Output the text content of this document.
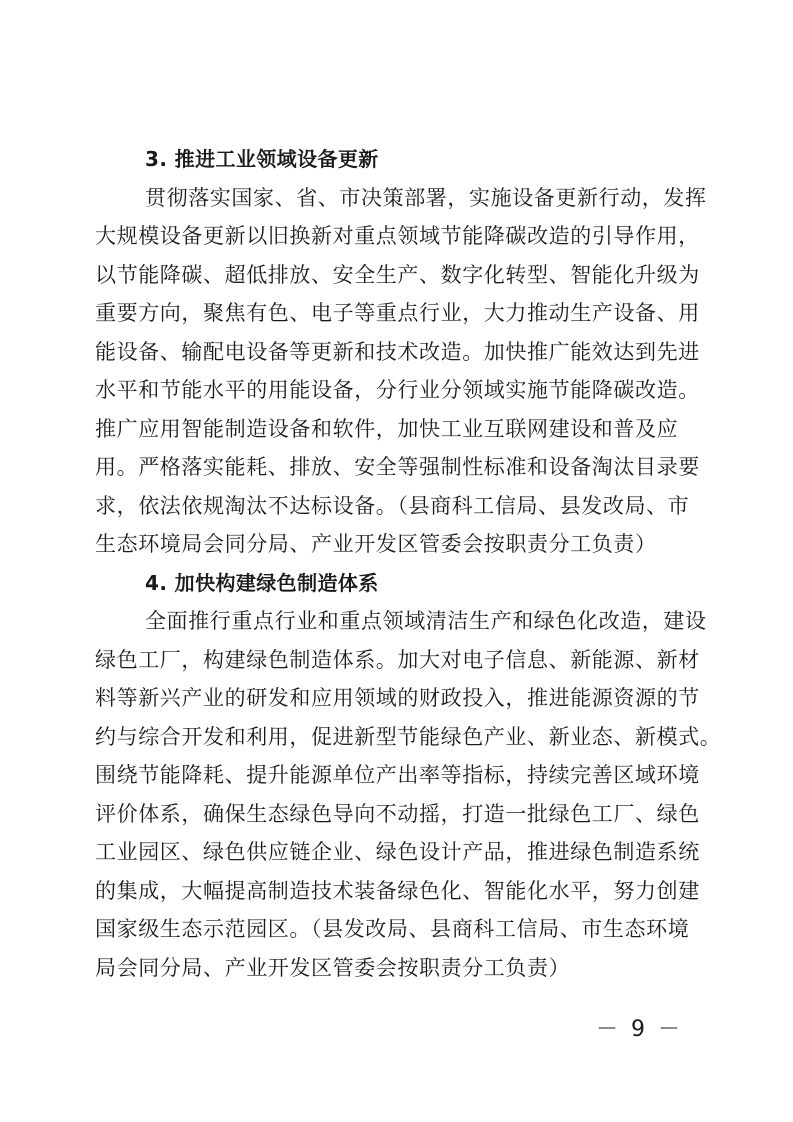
3. 推进工业领域设备更新
贯彻落实国家、省、市决策部署，实施设备更新行动，发挥
大规模设备更新以旧换新对重点领域节能降碳改造的引导作用，
以节能降碳、超低排放、安全生产、数字化转型、智能化升级为
重要方向，聚焦有色、电子等重点行业，大力推动生产设备、用
能设备、输配电设备等更新和技术改造。加快推广能效达到先进
水平和节能水平的用能设备，分行业分领域实施节能降碳改造。
推广应用智能制造设备和软件，加快工业互联网建设和普及应
用。严格落实能耗、排放、安全等强制性标准和设备淘汰目录要
求，依法依规淘汰不达标设备。（县商科工信局、县发改局、市
生态环境局会同分局、产业开发区管委会按职责分工负责）
4. 加快构建绿色制造体系
全面推行重点行业和重点领域清洁生产和绿色化改造，建设
绿色工厂，构建绿色制造体系。加大对电子信息、新能源、新材
料等新兴产业的研发和应用领域的财政投入，推进能源资源的节
约与综合开发和利用，促进新型节能绿色产业、新业态、新模式。
围绕节能降耗、提升能源单位产出率等指标，持续完善区域环境
评价体系，确保生态绿色导向不动摇，打造一批绿色工厂、绿色
工业园区、绿色供应链企业、绿色设计产品，推进绿色制造系统
的集成，大幅提高制造技术装备绿色化、智能化水平，努力创建
国家级生态示范园区。（县发改局、县商科工信局、市生态环境
局会同分局、产业开发区管委会按职责分工负责）
－ 9 －
